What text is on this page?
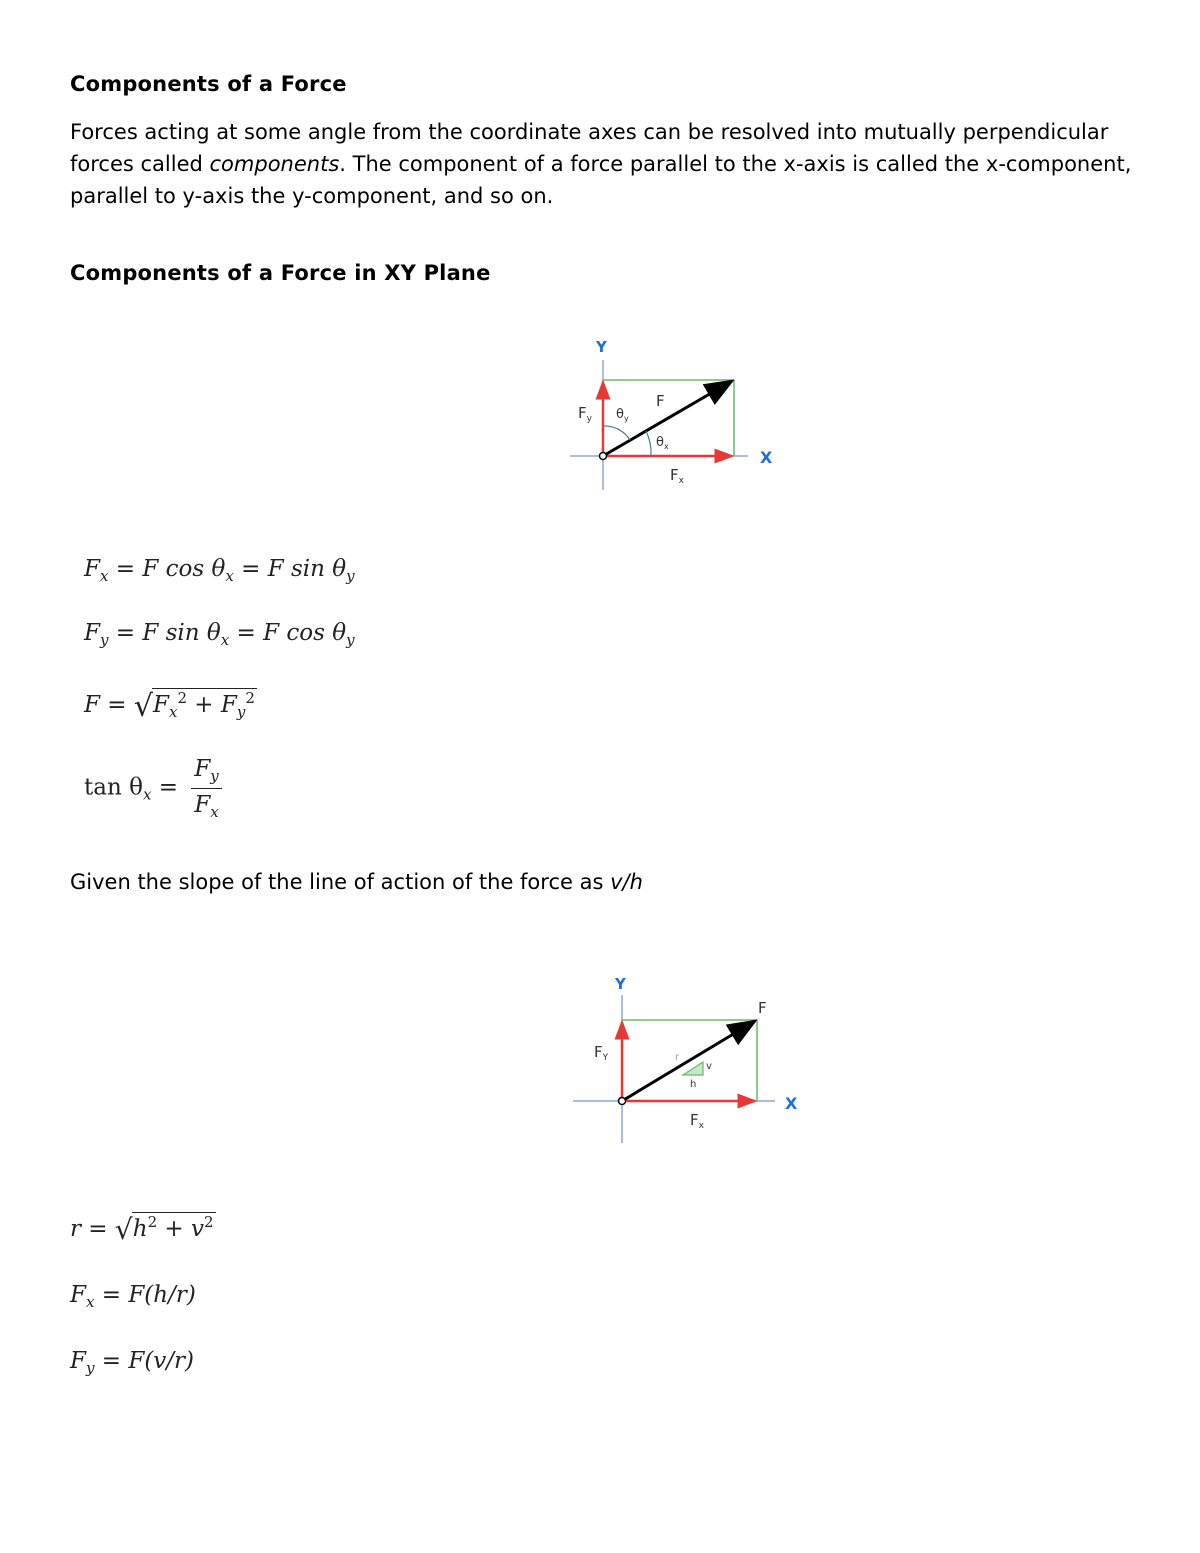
Components of a Force
Forces acting at some angle from the coordinate axes can be resolved into mutually perpendicular forces called components. The component of a force parallel to the x-axis is called the x-component, parallel to y-axis the y-component, and so on.
Components of a Force in XY Plane
Y
X
F
$F_y$
$F_x$
$\theta_y$
$\theta_x$
$F_x = F$ $\cos \theta_x = F$ $\sin \theta_y$
$F_y = F$ $\sin \theta_x = F$ $\cos \theta_y$
$F = √F_x^2 + F_y^2$
$\tan \theta_x = \frac{F_y}{F_x}$
Given the slope of the line of action of the force as v/h
Y
X
F
$F_Y$
$F_x$
r
v
h
$r = √h^2 + v^2$
$F_x = F(h/r)$
$F_y = F(v/r)$
